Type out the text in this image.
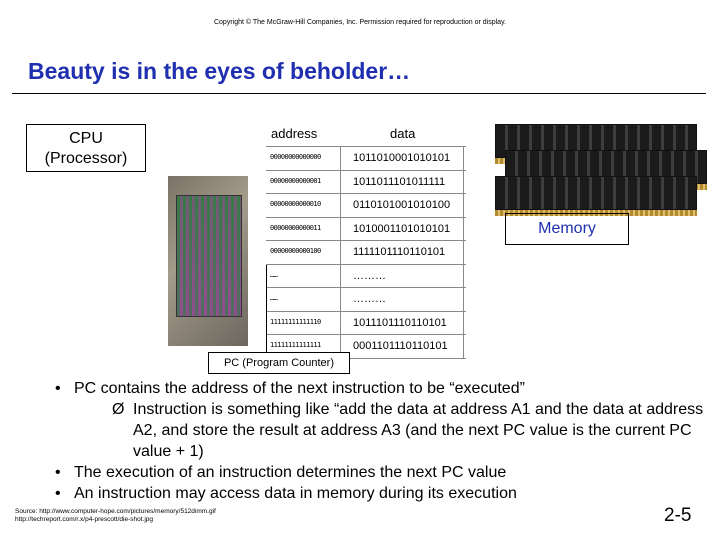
Copyright © The McGraw-Hill Companies, Inc. Permission required for reproduction or display.
Beauty is in the eyes of beholder…
CPU
(Processor)
address	data
00000000000000	1011010001010101
00000000000001	1011011101011111
00000000000010	0110101001010100
00000000000011	1010001101010101
00000000000100	1111101110110101
……	………
……	………
11111111111110	1011101110110101
11111111111111	0001101110110101
Memory
PC (Program Counter)
• PC contains the address of the next instruction to be “executed”
Ø Instruction is something like “add the data at address A1 and the data at address A2, and store the result at address A3 (and the next PC value is the current PC value + 1)
• The execution of an instruction determines the next PC value
• An instruction may access data in memory during its execution
Source: http://www.computer-hope.com/pictures/memory/512dimm.gif
http://techreport.com/r.x/p4-prescott/die-shot.jpg	2-5
